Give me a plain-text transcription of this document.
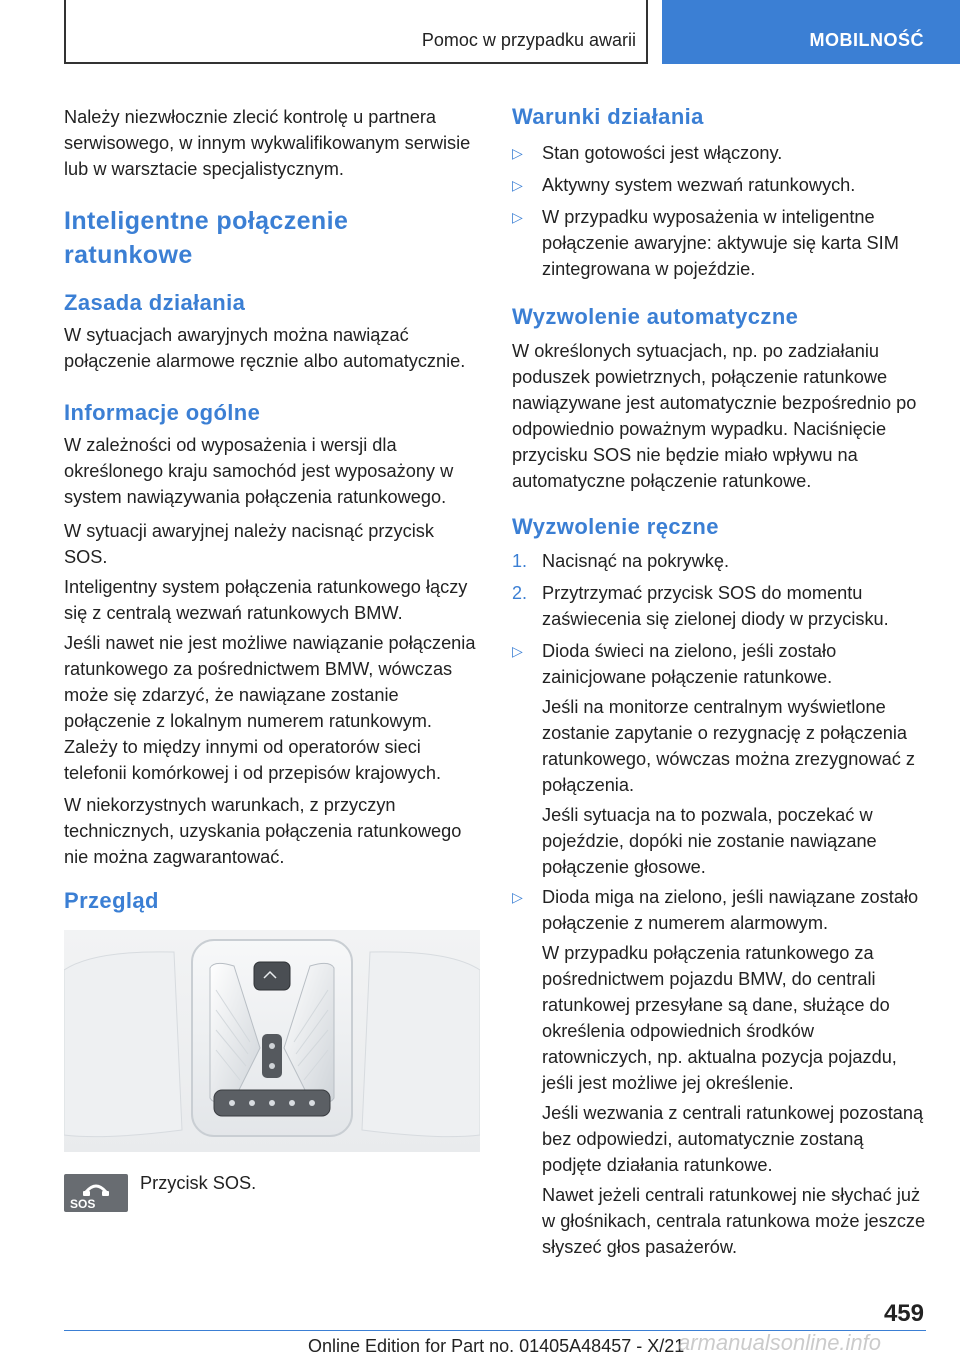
Pomoc w przypadku awarii	MOBILNOŚĆ
Należy niezwłocznie zlecić kontrolę u partnera serwisowego, w innym wykwalifikowanym serwisie lub w warsztacie specjalistycznym.
Inteligentne połączenie ratunkowe
Zasada działania
W sytuacjach awaryjnych można nawiązać połączenie alarmowe ręcznie albo automatycznie.
Informacje ogólne
W zależności od wyposażenia i wersji dla określonego kraju samochód jest wyposażony w system nawiązywania połączenia ratunkowego.
W sytuacji awaryjnej należy nacisnąć przycisk SOS.
Inteligentny system połączenia ratunkowego łączy się z centralą wezwań ratunkowych BMW.
Jeśli nawet nie jest możliwe nawiązanie połączenia ratunkowego za pośrednictwem BMW, wówczas może się zdarzyć, że nawiązane zostanie połączenie z lokalnym numerem ratunkowym. Zależy to między innymi od operatorów sieci telefonii komórkowej i od przepisów krajowych.
W niekorzystnych warunkach, z przyczyn technicznych, uzyskania połączenia ratunkowego nie można zagwarantować.
Przegląd
SOS
Przycisk SOS.
Warunki działania
▷	Stan gotowości jest włączony.
▷	Aktywny system wezwań ratunkowych.
▷	W przypadku wyposażenia w inteligentne połączenie awaryjne: aktywuje się karta SIM zintegrowana w pojeździe.
Wyzwolenie automatyczne
W określonych sytuacjach, np. po zadziałaniu poduszek powietrznych, połączenie ratunkowe nawiązywane jest automatycznie bezpośrednio po odpowiednio poważnym wypadku. Naciśnięcie przycisku SOS nie będzie miało wpływu na automatyczne połączenie ratunkowe.
Wyzwolenie ręczne
1. Nacisnąć na pokrywkę.
2. Przytrzymać przycisk SOS do momentu zaświecenia się zielonej diody w przycisku.
▷	Dioda świeci na zielono, jeśli zostało zainicjowane połączenie ratunkowe.
Jeśli na monitorze centralnym wyświetlone zostanie zapytanie o rezygnację z połączenia ratunkowego, wówczas można zrezygnować z połączenia.
Jeśli sytuacja na to pozwala, poczekać w pojeździe, dopóki nie zostanie nawiązane połączenie głosowe.
▷	Dioda miga na zielono, jeśli nawiązane zostało połączenie z numerem alarmowym.
W przypadku połączenia ratunkowego za pośrednictwem pojazdu BMW, do centrali ratunkowej przesyłane są dane, służące do określenia odpowiednich środków ratowniczych, np. aktualna pozycja pojazdu, jeśli jest możliwe jej określenie.
Jeśli wezwania z centrali ratunkowej pozostaną bez odpowiedzi, automatycznie zostaną podjęte działania ratunkowe.
Nawet jeżeli centrali ratunkowej nie słychać już w głośnikach, centrala ratunkowa może jeszcze słyszeć głos pasażerów.
459
Online Edition for Part no. 01405A48457 - X/21
armanualsonline.info
